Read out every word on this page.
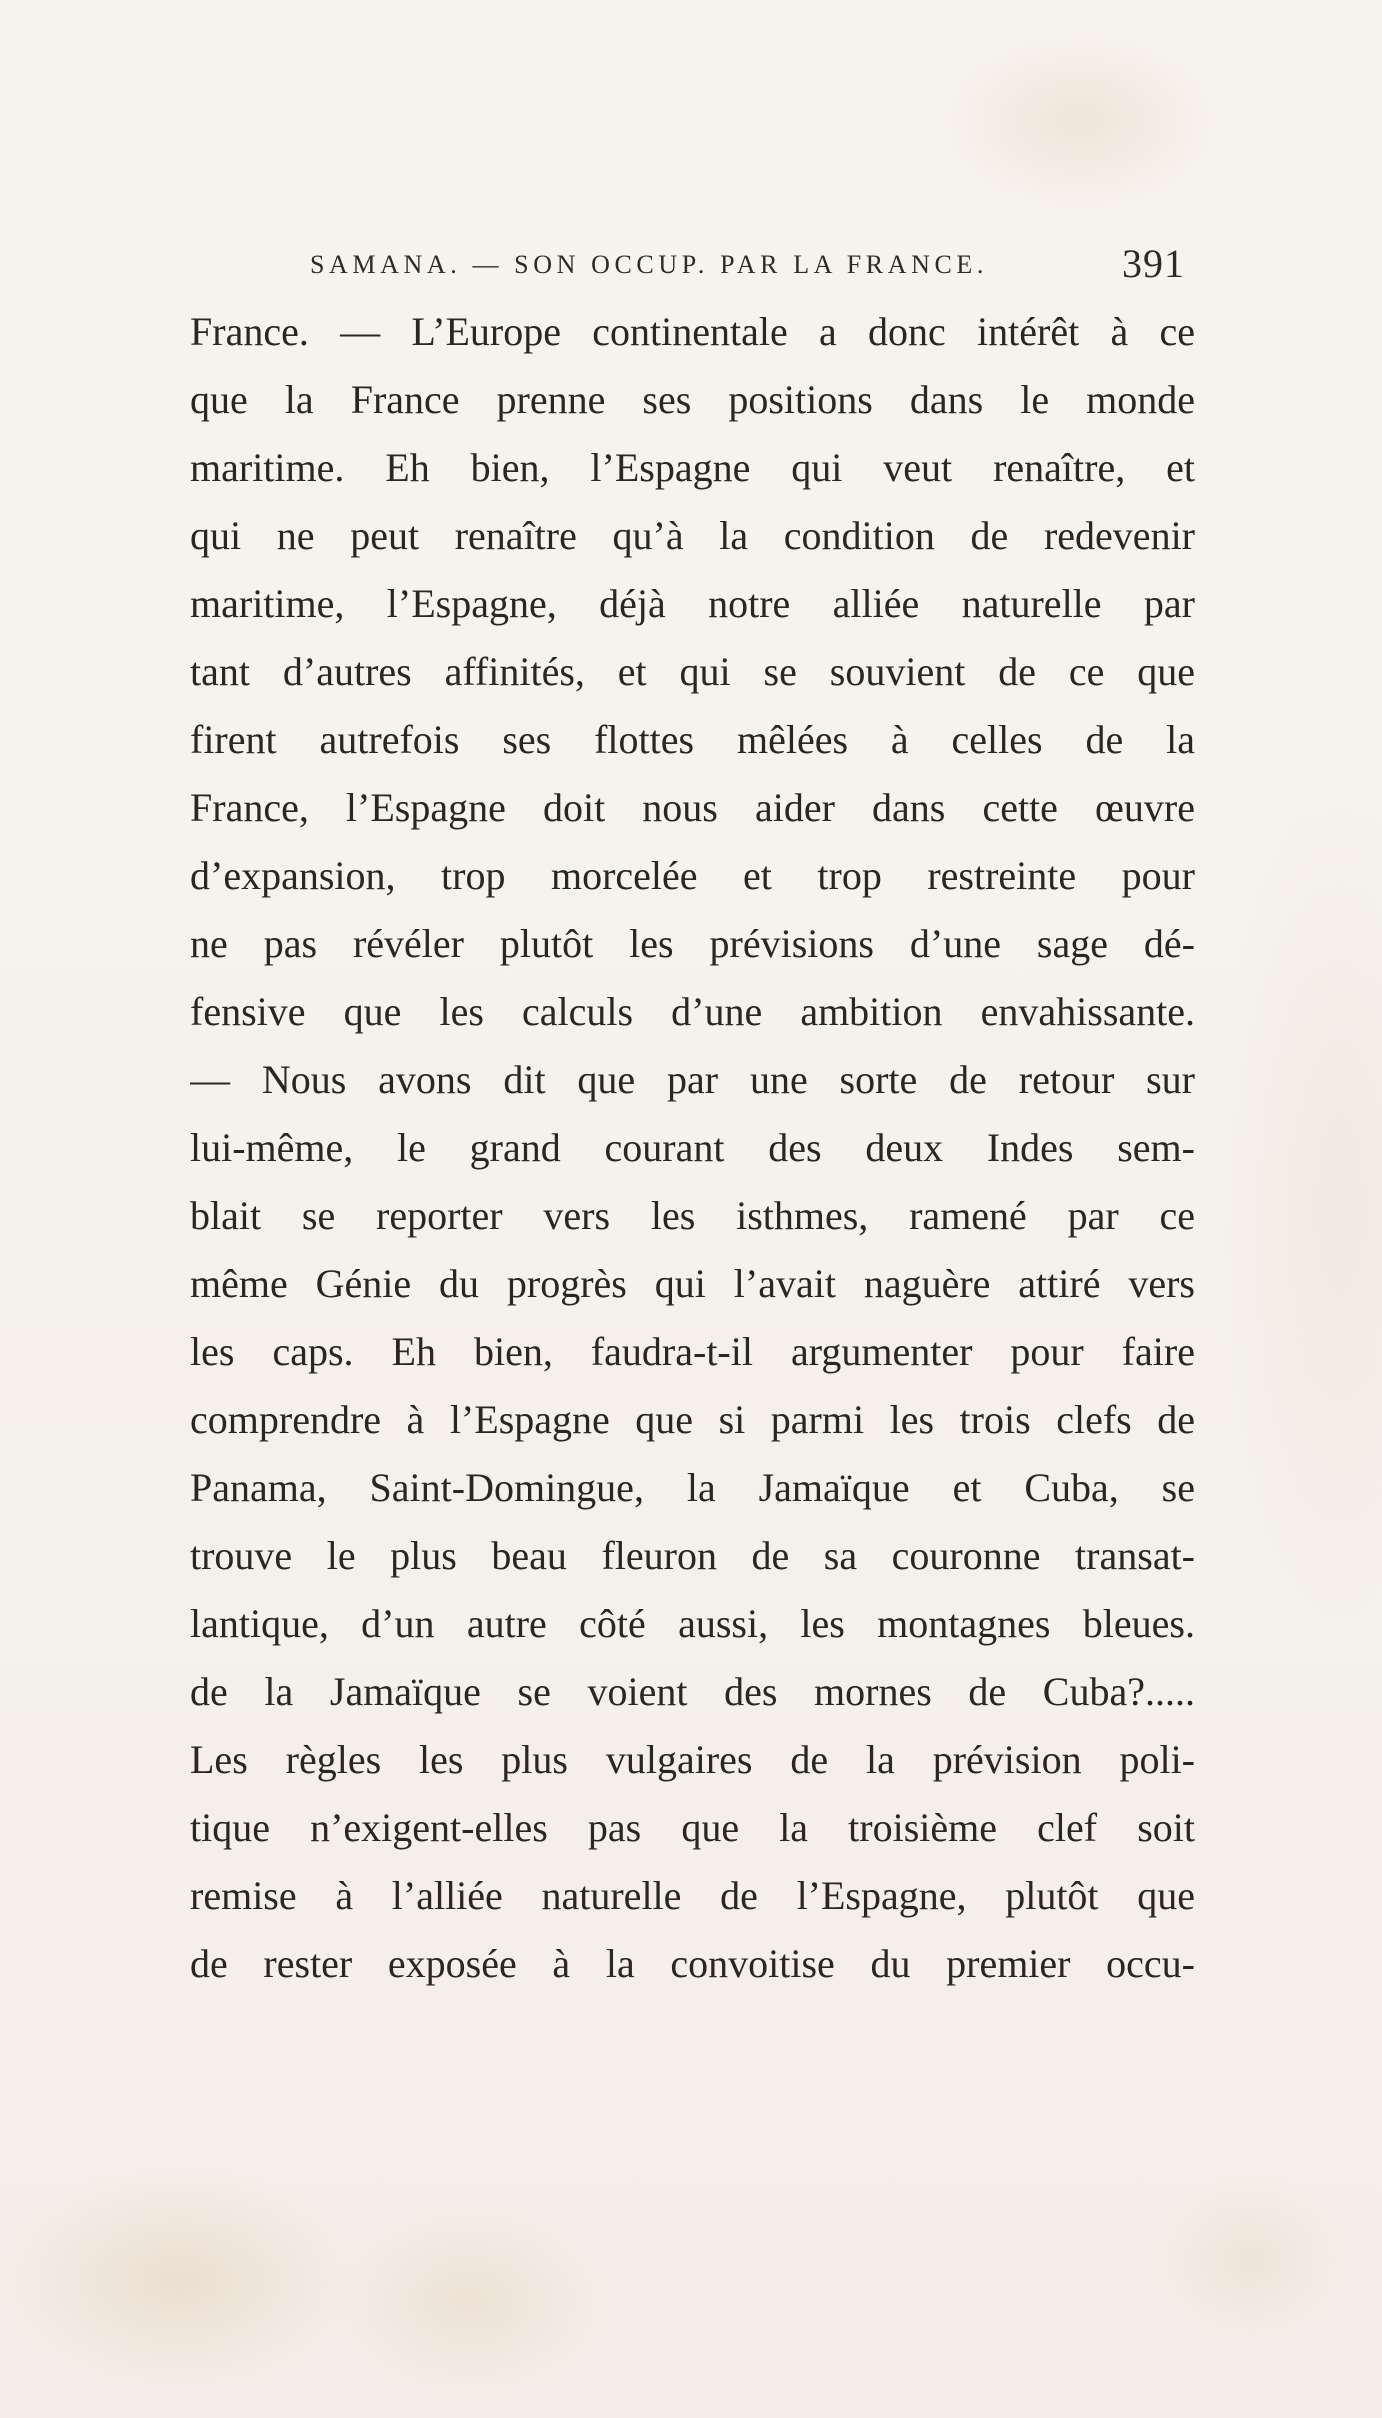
SAMANA. — SON OCCUP. PAR LA FRANCE.	391
France. — L’Europe continentale a donc intérêt à ce
que la France prenne ses positions dans le monde
maritime. Eh bien, l’Espagne qui veut renaître, et
qui ne peut renaître qu’à la condition de redevenir
maritime, l’Espagne, déjà notre alliée naturelle par
tant d’autres affinités, et qui se souvient de ce que
firent autrefois ses flottes mêlées à celles de la
France, l’Espagne doit nous aider dans cette œuvre
d’expansion, trop morcelée et trop restreinte pour
ne pas révéler plutôt les prévisions d’une sage dé-
fensive que les calculs d’une ambition envahissante.
— Nous avons dit que par une sorte de retour sur
lui-même, le grand courant des deux Indes sem-
blait se reporter vers les isthmes, ramené par ce
même Génie du progrès qui l’avait naguère attiré vers
les caps. Eh bien, faudra-t-il argumenter pour faire
comprendre à l’Espagne que si parmi les trois clefs de
Panama, Saint-Domingue, la Jamaïque et Cuba, se
trouve le plus beau fleuron de sa couronne transat-
lantique, d’un autre côté aussi, les montagnes bleues.
de la Jamaïque se voient des mornes de Cuba?.....
Les règles les plus vulgaires de la prévision poli-
tique n’exigent-elles pas que la troisième clef soit
remise à l’alliée naturelle de l’Espagne, plutôt que
de rester exposée à la convoitise du premier occu-
